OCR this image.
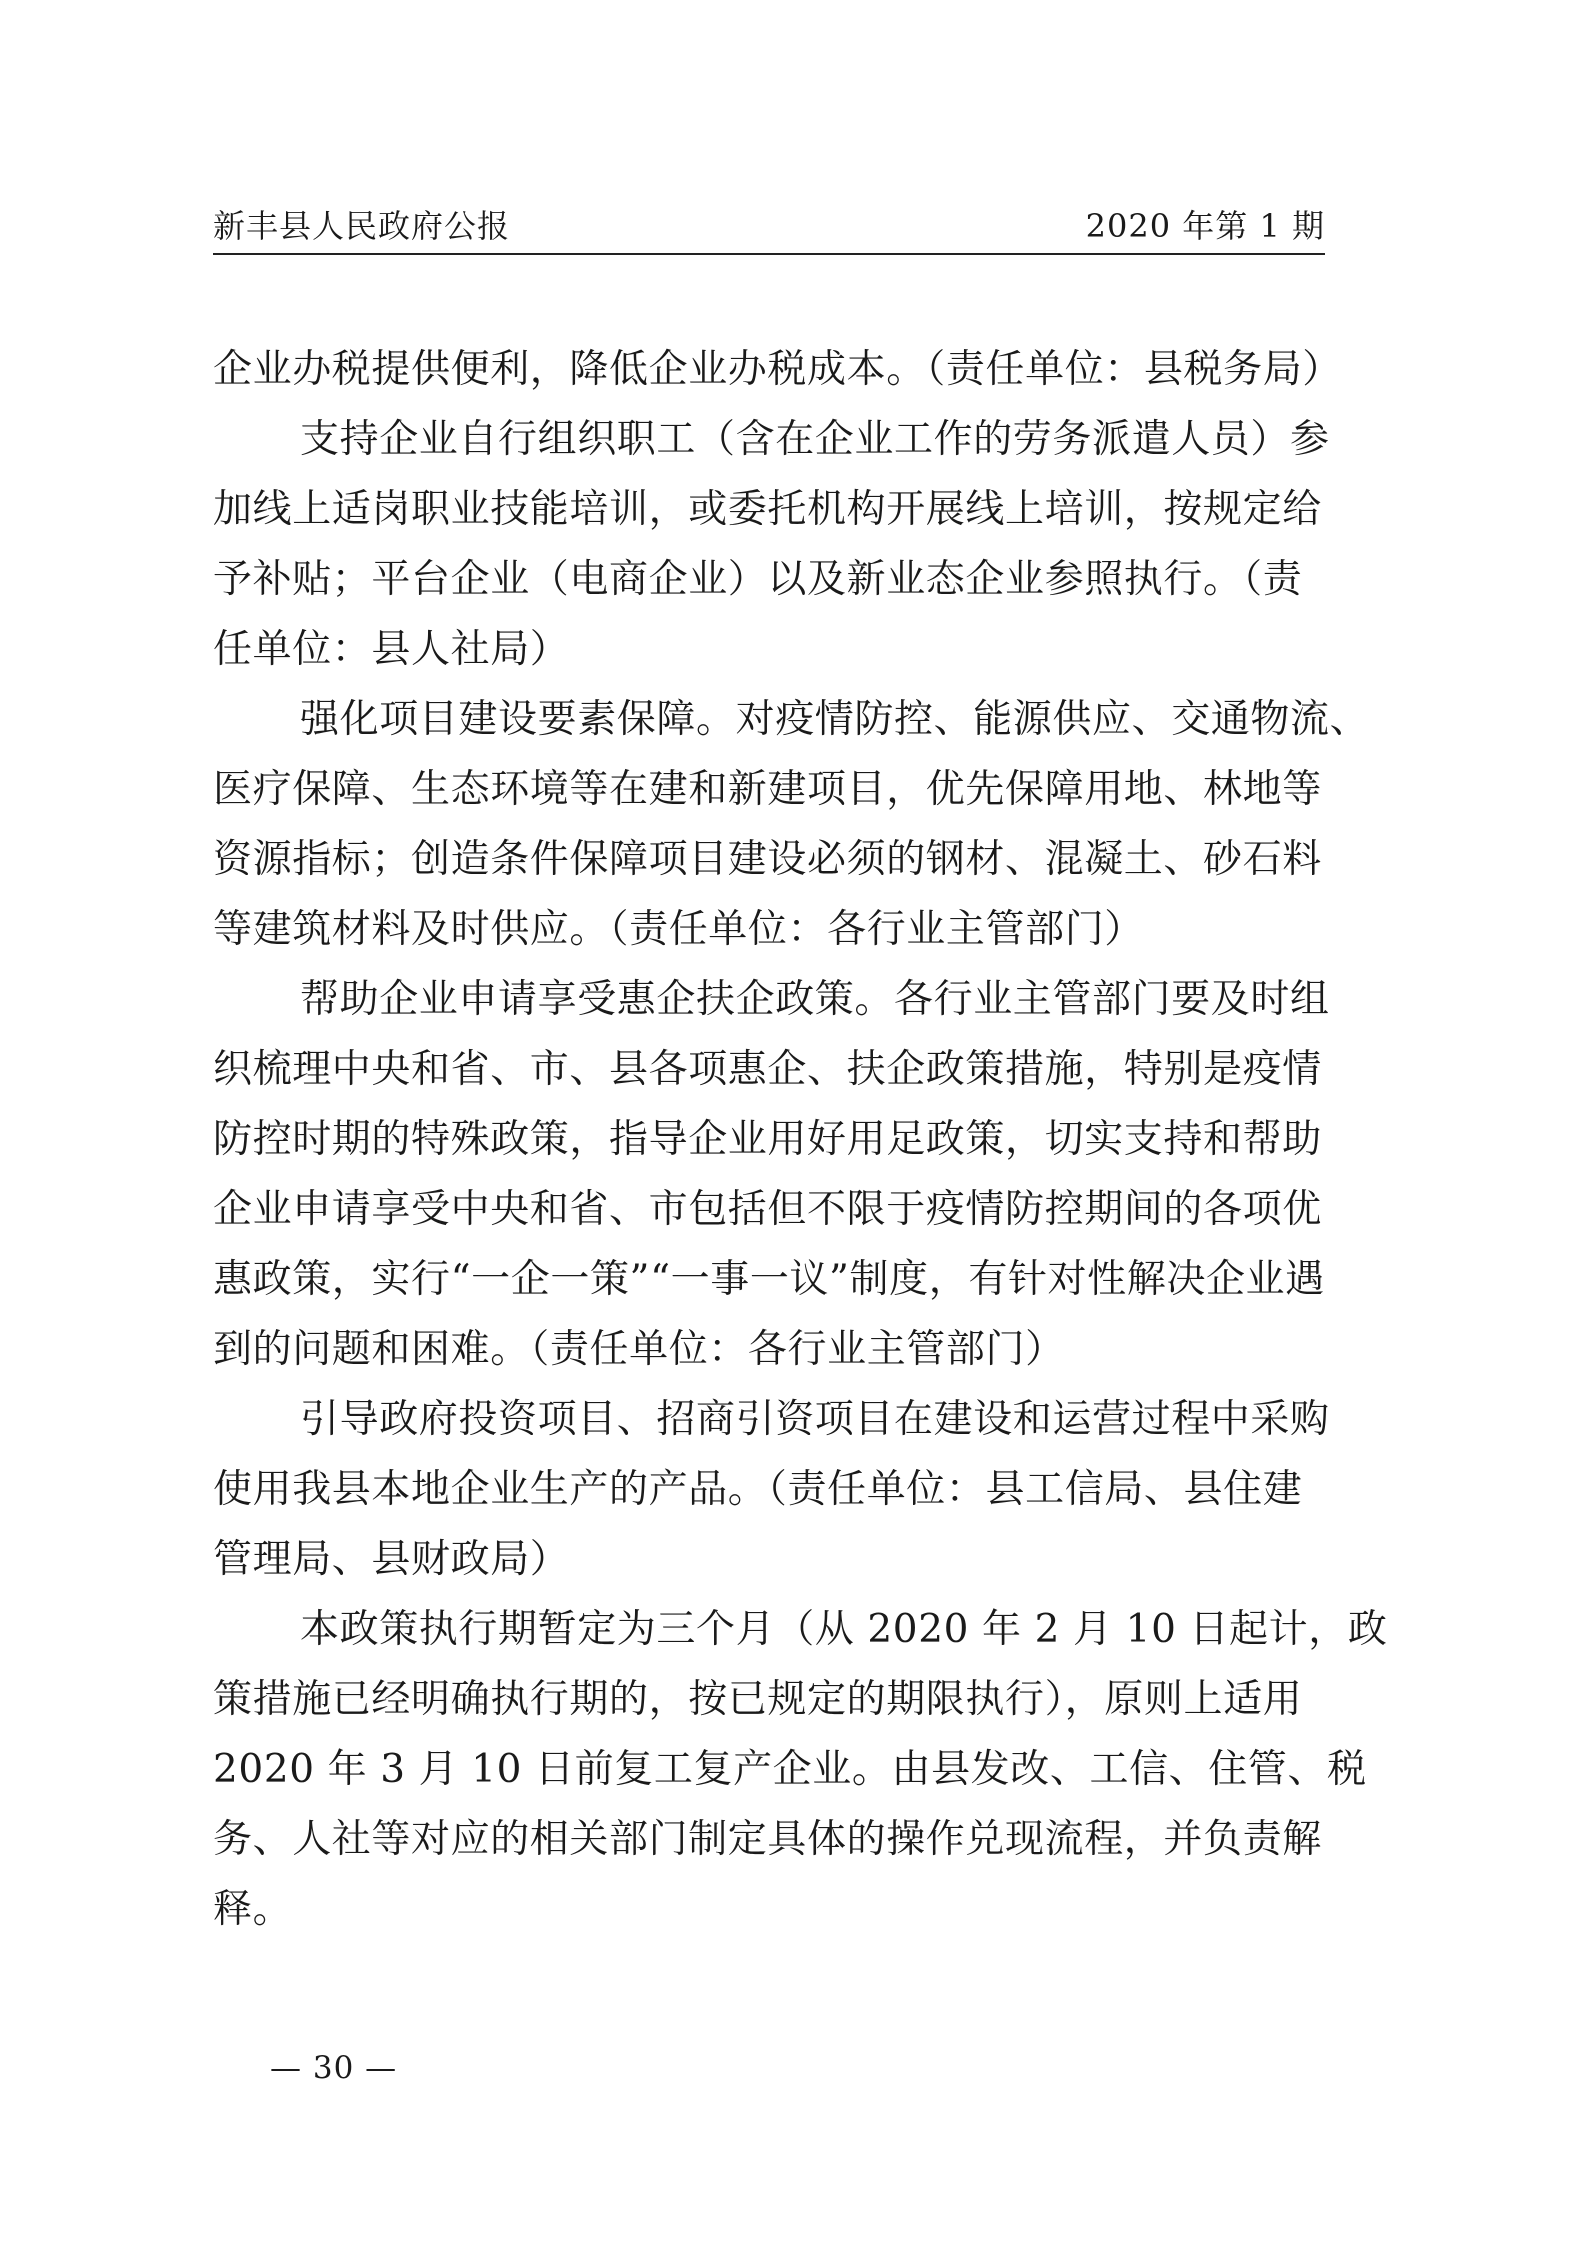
新丰县人民政府公报	2020 年第 1 期
企业办税提供便利，降低企业办税成本。（责任单位：县税务局）
支持企业自行组织职工（含在企业工作的劳务派遣人员）参
加线上适岗职业技能培训，或委托机构开展线上培训，按规定给
予补贴；平台企业（电商企业）以及新业态企业参照执行。（责
任单位：县人社局）
强化项目建设要素保障。对疫情防控、能源供应、交通物流、
医疗保障、生态环境等在建和新建项目，优先保障用地、林地等
资源指标；创造条件保障项目建设必须的钢材、混凝土、砂石料
等建筑材料及时供应。（责任单位：各行业主管部门）
帮助企业申请享受惠企扶企政策。各行业主管部门要及时组
织梳理中央和省、市、县各项惠企、扶企政策措施，特别是疫情
防控时期的特殊政策，指导企业用好用足政策，切实支持和帮助
企业申请享受中央和省、市包括但不限于疫情防控期间的各项优
惠政策，实行“一企一策”“一事一议”制度，有针对性解决企业遇
到的问题和困难。（责任单位：各行业主管部门）
引导政府投资项目、招商引资项目在建设和运营过程中采购
使用我县本地企业生产的产品。（责任单位：县工信局、县住建
管理局、县财政局）
本政策执行期暂定为三个月（从 2020 年 2 月 10 日起计，政
策措施已经明确执行期的，按已规定的期限执行），原则上适用
2020 年 3 月 10 日前复工复产企业。由县发改、工信、住管、税
务、人社等对应的相关部门制定具体的操作兑现流程，并负责解
释。
— 30 —
